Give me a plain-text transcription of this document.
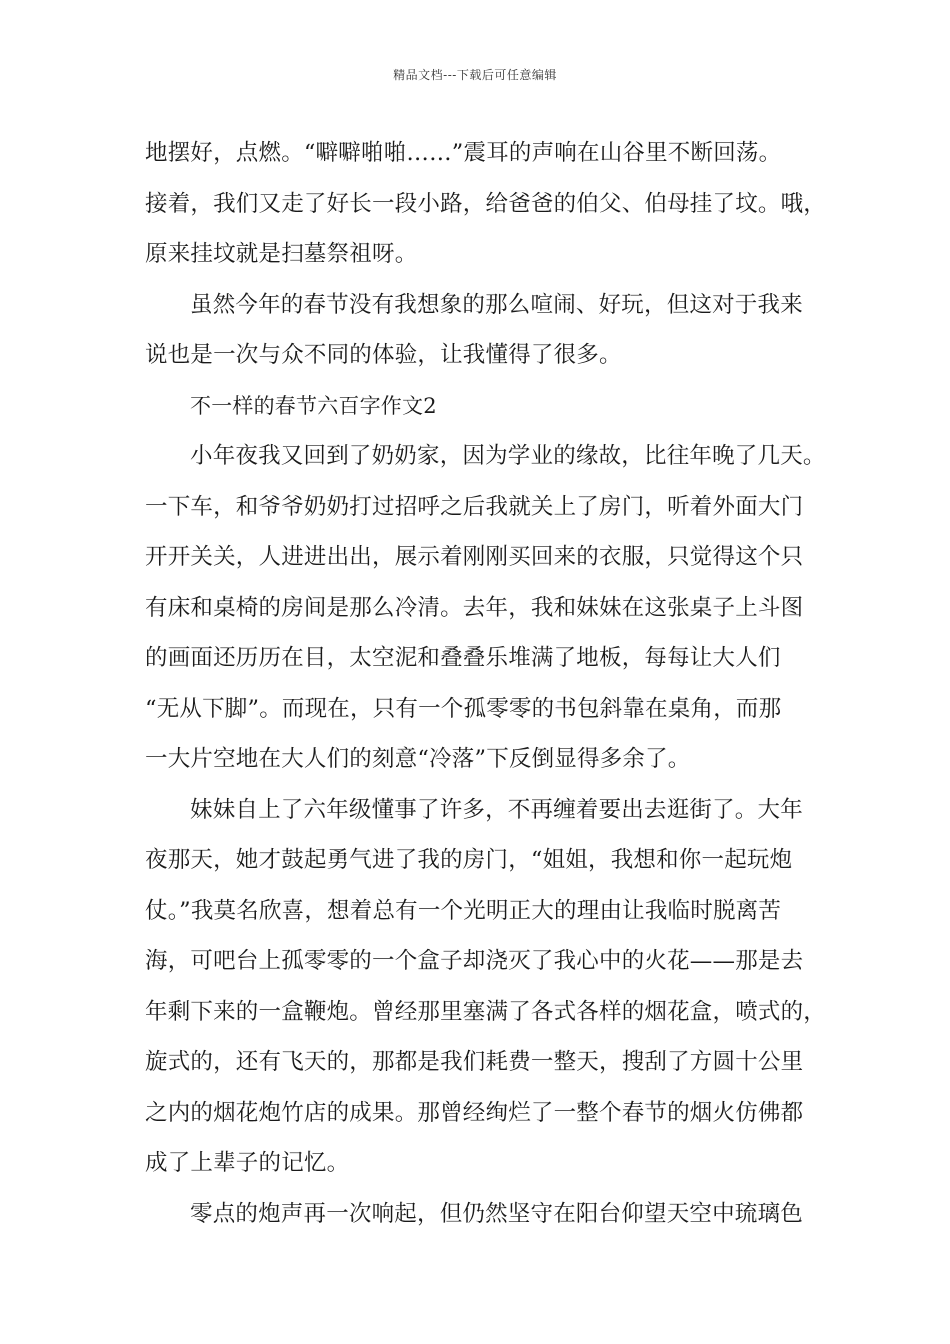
精品文档---下载后可任意编辑
地摆好，点燃。“噼噼啪啪……”震耳的声响在山谷里不断回荡。
接着，我们又走了好长一段小路，给爸爸的伯父、伯母挂了坟。哦，
原来挂坟就是扫墓祭祖呀。
虽然今年的春节没有我想象的那么喧闹、好玩，但这对于我来
说也是一次与众不同的体验，让我懂得了很多。
不一样的春节六百字作文2
小年夜我又回到了奶奶家，因为学业的缘故，比往年晚了几天。
一下车，和爷爷奶奶打过招呼之后我就关上了房门，听着外面大门
开开关关，人进进出出，展示着刚刚买回来的衣服，只觉得这个只
有床和桌椅的房间是那么冷清。去年，我和妹妹在这张桌子上斗图
的画面还历历在目，太空泥和叠叠乐堆满了地板，每每让大人们
“无从下脚”。而现在，只有一个孤零零的书包斜靠在桌角，而那
一大片空地在大人们的刻意“冷落”下反倒显得多余了。
妹妹自上了六年级懂事了许多，不再缠着要出去逛街了。大年
夜那天，她才鼓起勇气进了我的房门，“姐姐，我想和你一起玩炮
仗。”我莫名欣喜，想着总有一个光明正大的理由让我临时脱离苦
海，可吧台上孤零零的一个盒子却浇灭了我心中的火花——那是去
年剩下来的一盒鞭炮。曾经那里塞满了各式各样的烟花盒，喷式的，
旋式的，还有飞天的，那都是我们耗费一整天，搜刮了方圆十公里
之内的烟花炮竹店的成果。那曾经绚烂了一整个春节的烟火仿佛都
成了上辈子的记忆。
零点的炮声再一次响起，但仍然坚守在阳台仰望天空中琉璃色
